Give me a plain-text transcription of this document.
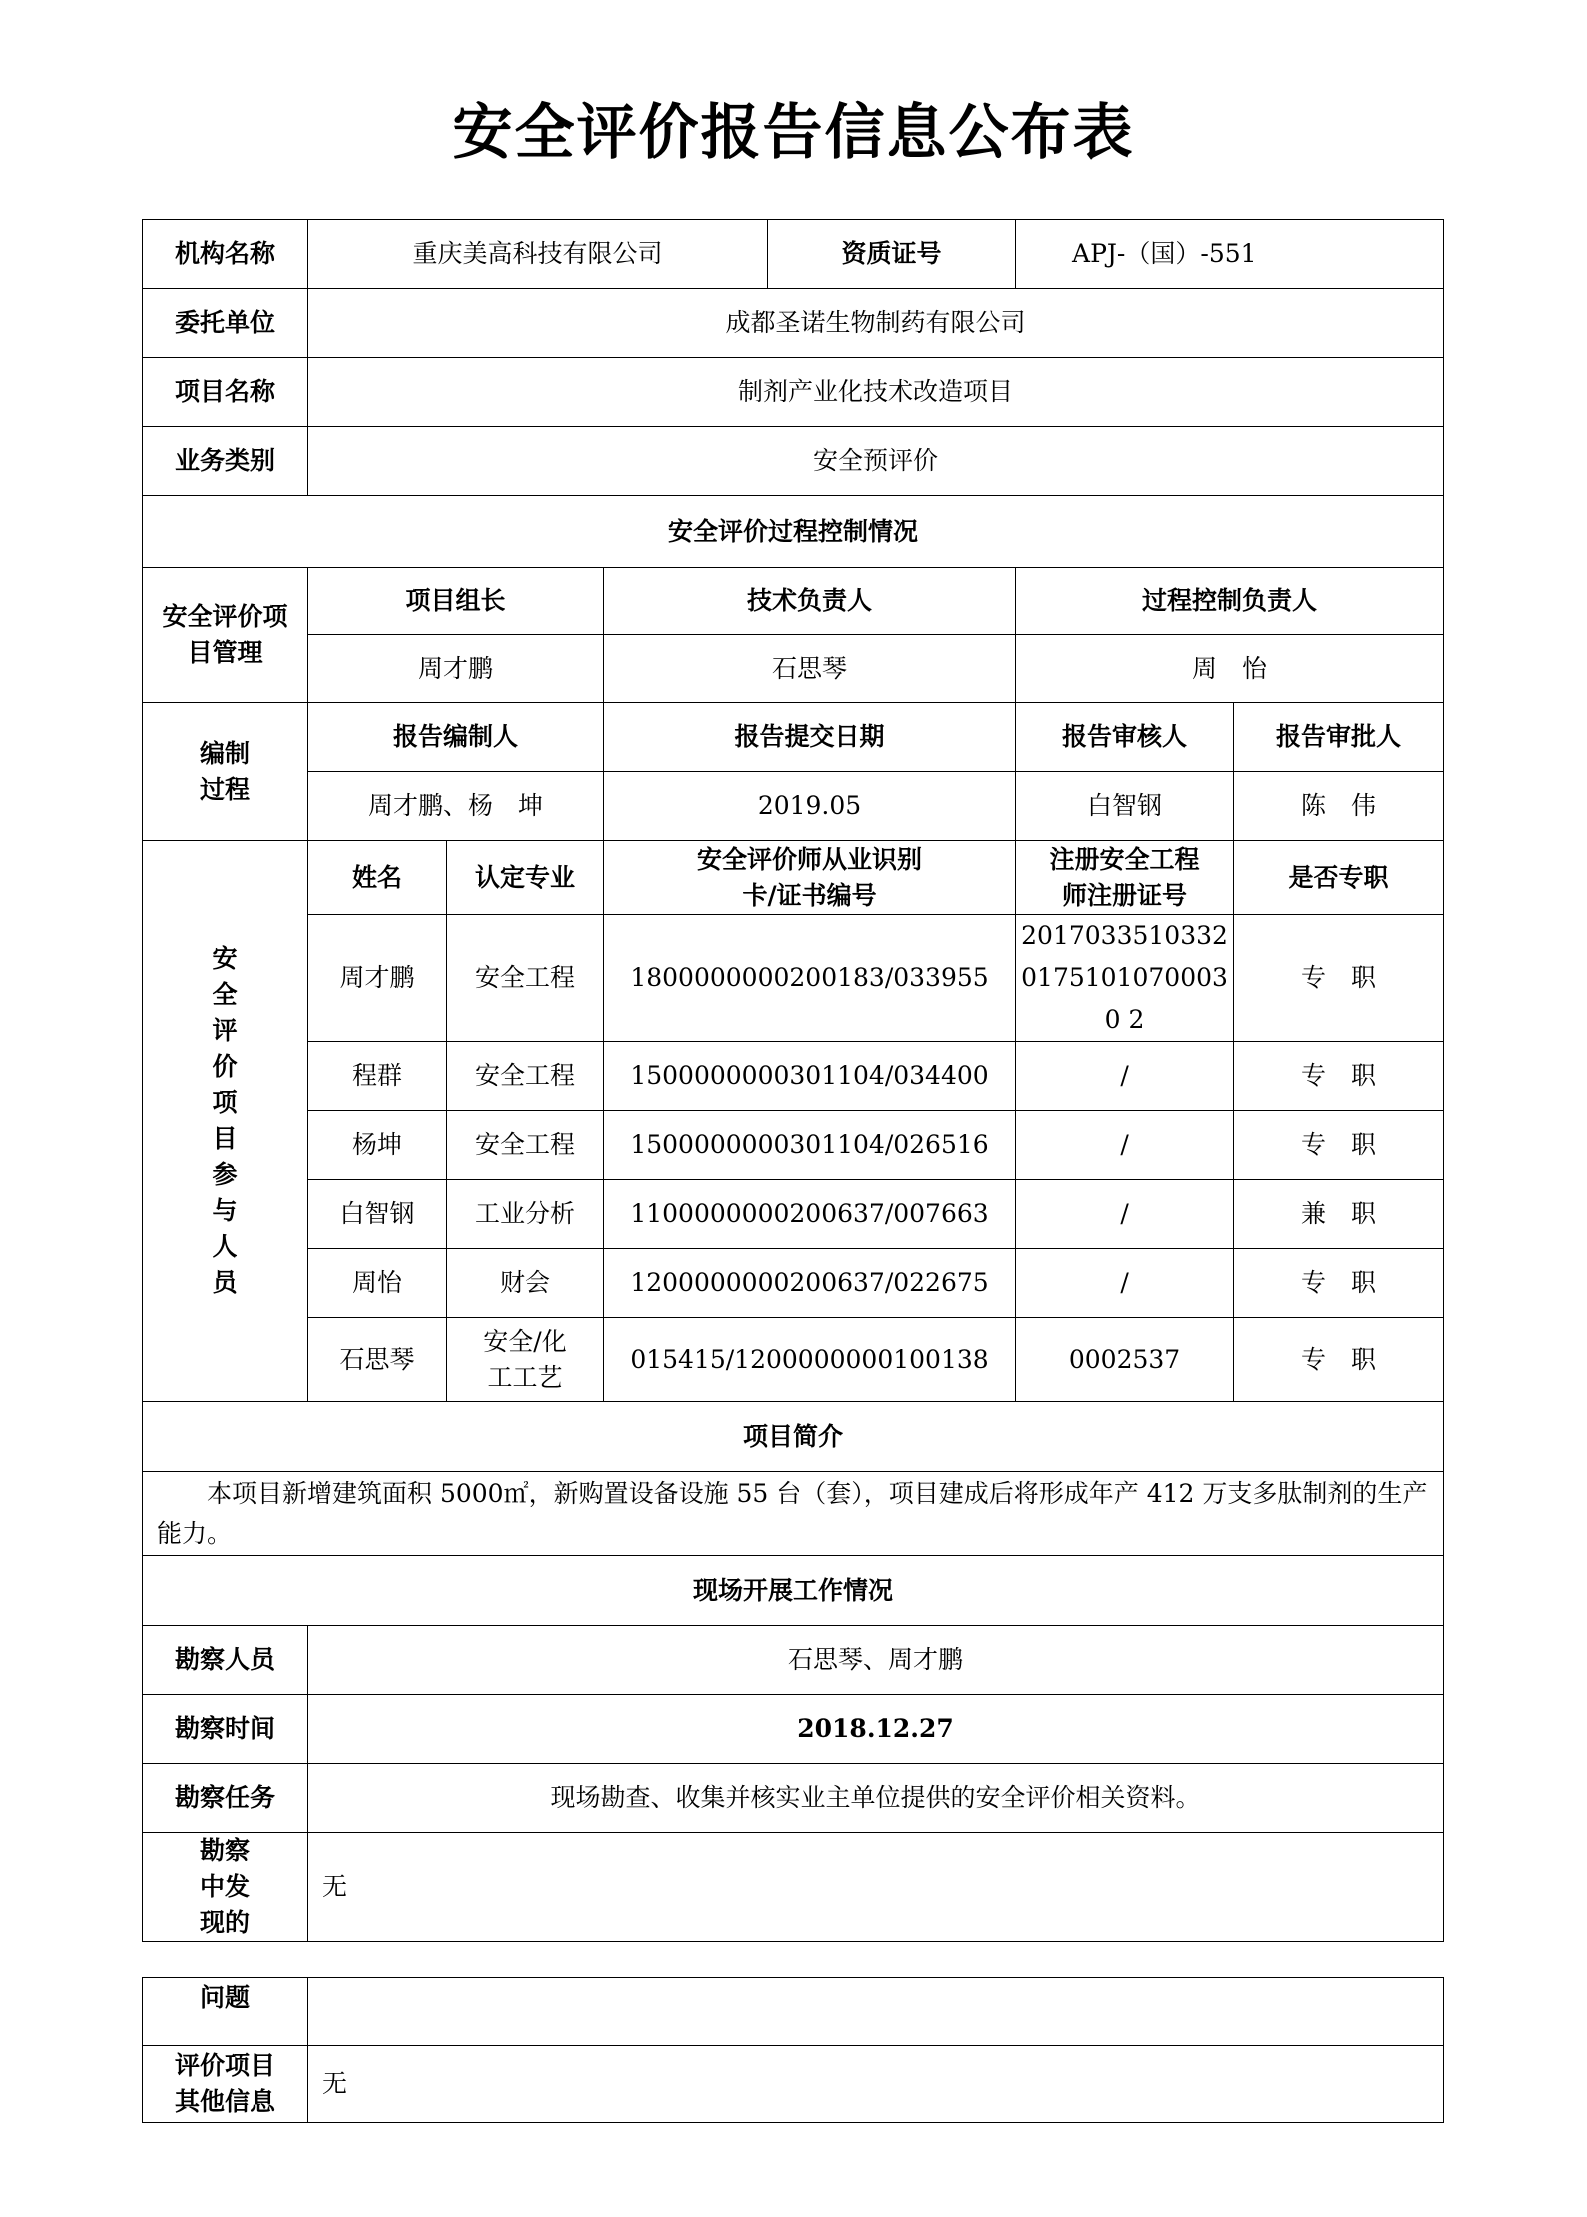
安全评价报告信息公布表
机构名称	重庆美高科技有限公司			资质证号	APJ-（国）-551	
委托单位	成都圣诺生物制药有限公司					
项目名称	制剂产业化技术改造项目					
业务类别	安全预评价					
安全评价过程控制情况						
安全评价项目管理	项目组长		技术负责人		过程控制负责人	
	周才鹏		石思琴		周　怡	
编制过程	报告编制人		报告提交日期		报告审核人	报告审批人
	周才鹏、杨　坤		2019.05		白智钢	陈　伟
安全评价项目参与人员	姓名	认定专业	安全评价师从业识别卡/证书编号		注册安全工程师注册证号	是否专职
	周才鹏	安全工程	1800000000200183/033955		201703351033201751010700030 2	专　职
	程群	安全工程	1500000000301104/034400		/	专　职
	杨坤	安全工程	1500000000301104/026516		/	专　职
	白智钢	工业分析	1100000000200637/007663		/	兼　职
	周怡	财会	1200000000200637/022675		/	专　职
	石思琴	安全/化工工艺	015415/1200000000100138		0002537	专　职
项目简介						
本项目新增建筑面积 5000㎡，新购置设备设施 55 台（套），项目建成后将形成年产 412 万支多肽制剂的生产能力。						
现场开展工作情况						
勘察人员	石思琴、周才鹏					
勘察时间	2018.12.27					
勘察任务	现场勘查、收集并核实业主单位提供的安全评价相关资料。					
勘察中发现的	无					
问题	
评价项目其他信息	无
